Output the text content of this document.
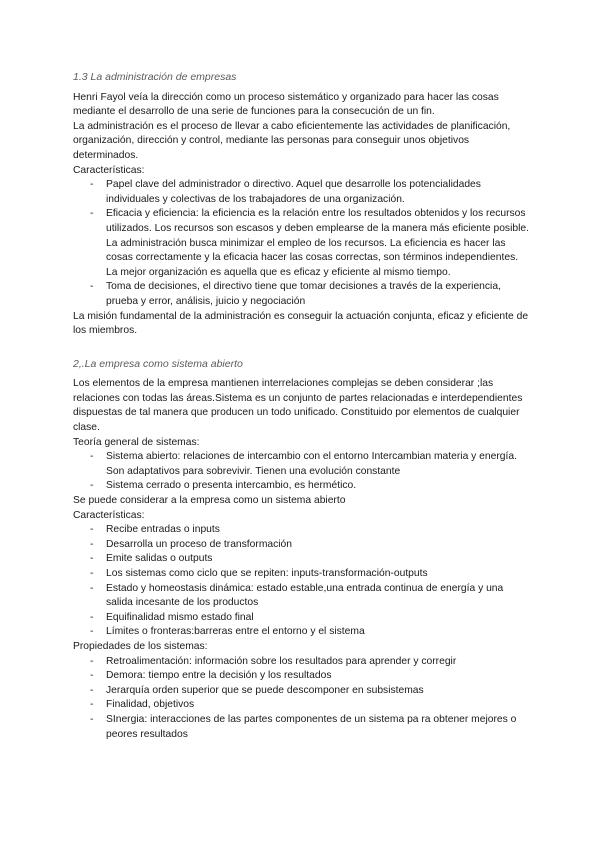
1.3 La administración de empresas

Henri Fayol veía la dirección como un proceso sistemático y organizado para hacer las cosas mediante el desarrollo de una serie de funciones para la consecución de un fin.

La administración es el proceso de llevar a cabo eficientemente las actividades de planificación, organización, dirección y control, mediante las personas para conseguir unos objetivos determinados.

Características:

- Papel clave del administrador o directivo. Aquel que desarrolle los potencialidades individuales y colectivas de los trabajadores de una organización.
- Eficacia y eficiencia: la eficiencia es la relación entre los resultados obtenidos y los recursos utilizados. Los recursos son escasos y deben emplearse de la manera más eficiente posible. La administración busca minimizar el empleo de los recursos. La eficiencia es hacer las cosas correctamente y la eficacia hacer las cosas correctas, son términos independientes. La mejor organización es aquella que es eficaz y eficiente al mismo tiempo.
- Toma de decisiones, el directivo tiene que tomar decisiones a través de la experiencia, prueba y error, análisis, juicio y negociación

La misión fundamental de la administración es conseguir la actuación conjunta, eficaz y eficiente de los miembros.

2,.La empresa como sistema abierto

Los elementos de la empresa mantienen interrelaciones complejas se deben considerar ;las relaciones con todas las áreas.Sistema es un conjunto de partes relacionadas e interdependientes dispuestas de tal manera que producen un todo unificado. Constituido por elementos de cualquier clase.

Teoría general de sistemas:

- Sistema abierto: relaciones de intercambio con el entorno Intercambian materia y energía. Son adaptativos para sobrevivir. Tienen una evolución constante
- Sistema cerrado o presenta intercambio, es hermético.

Se puede considerar a la empresa como un sistema abierto

Características:

- Recibe entradas o inputs
- Desarrolla un proceso de transformación
- Emite salidas o outputs
- Los sistemas como ciclo que se repiten: inputs-transformación-outputs
- Estado y homeostasis dinámica: estado estable,una entrada continua de energía y una salida incesante de los productos
- Equifinalidad mismo estado final
- Límites o fronteras:barreras entre el entorno y el sistema

Propiedades de los sistemas:

- Retroalimentación: información sobre los resultados para aprender y corregir
- Demora: tiempo entre la decisión y los resultados
- Jerarquía orden superior que se puede descomponer en subsistemas
- Finalidad, objetivos
- SInergia: interacciones de las partes componentes de un sistema pa ra obtener mejores o peores resultados
